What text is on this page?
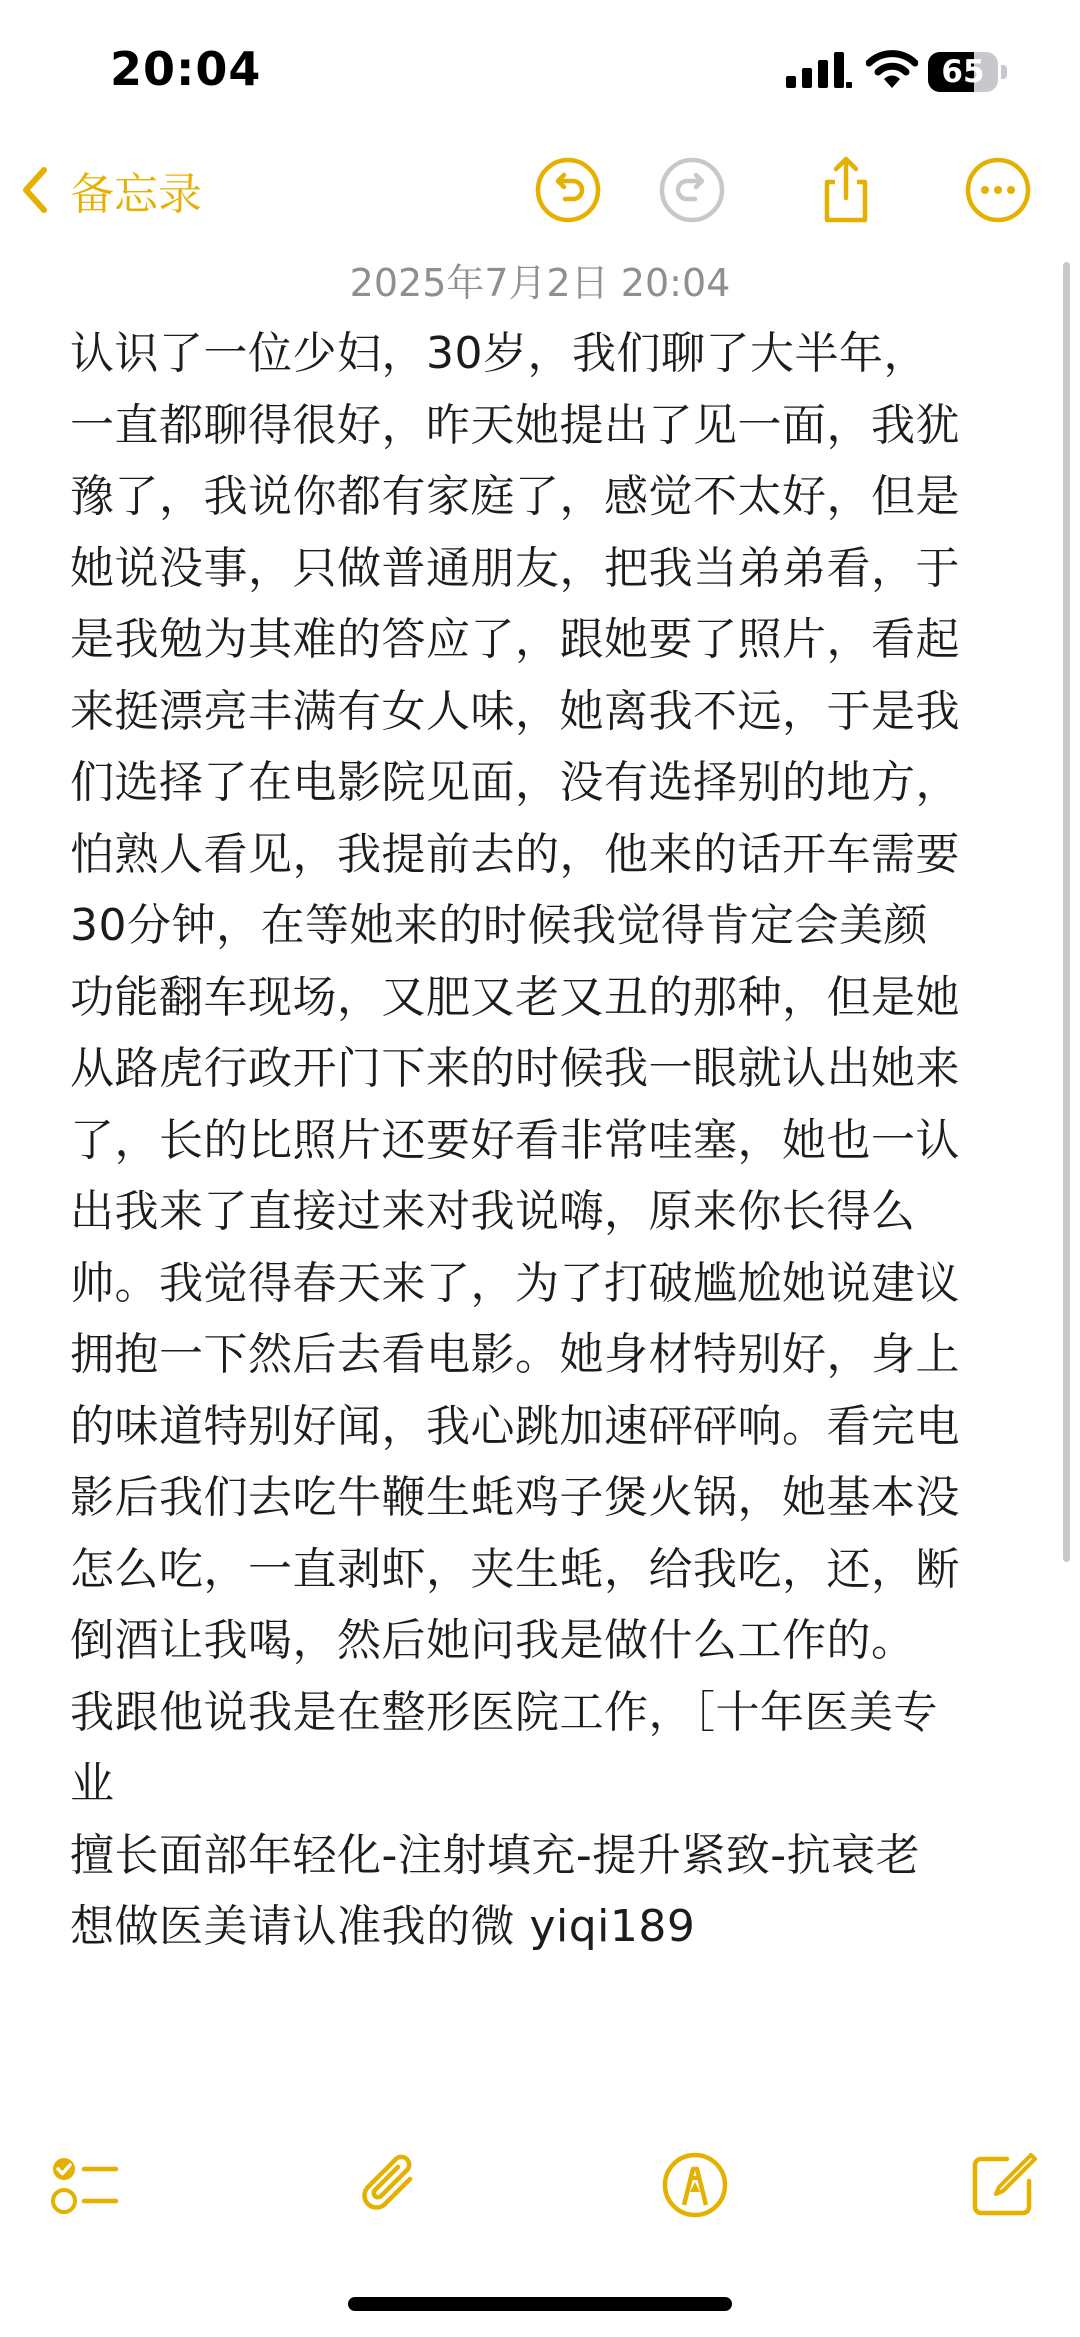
20:04	65
备忘录
2025年7月2日 20:04
认识了一位少妇，30岁，我们聊了大半年，
一直都聊得很好，昨天她提出了见一面，我犹
豫了，我说你都有家庭了，感觉不太好，但是
她说没事，只做普通朋友，把我当弟弟看，于
是我勉为其难的答应了，跟她要了照片，看起
来挺漂亮丰满有女人味，她离我不远，于是我
们选择了在电影院见面，没有选择别的地方，
怕熟人看见，我提前去的，他来的话开车需要
30分钟，在等她来的时候我觉得肯定会美颜
功能翻车现场，又肥又老又丑的那种，但是她
从路虎行政开门下来的时候我一眼就认出她来
了，长的比照片还要好看非常哇塞，她也一认
出我来了直接过来对我说嗨，原来你长得么
帅。我觉得春天来了，为了打破尴尬她说建议
拥抱一下然后去看电影。她身材特别好，身上
的味道特别好闻，我心跳加速砰砰响。看完电
影后我们去吃牛鞭生蚝鸡子煲火锅，她基本没
怎么吃，一直剥虾，夹生蚝，给我吃，还，断
倒酒让我喝，然后她问我是做什么工作的。
我跟他说我是在整形医院工作，［十年医美专
业
擅长面部年轻化-注射填充-提升紧致-抗衰老
想做医美请认准我的微 yiqi189
